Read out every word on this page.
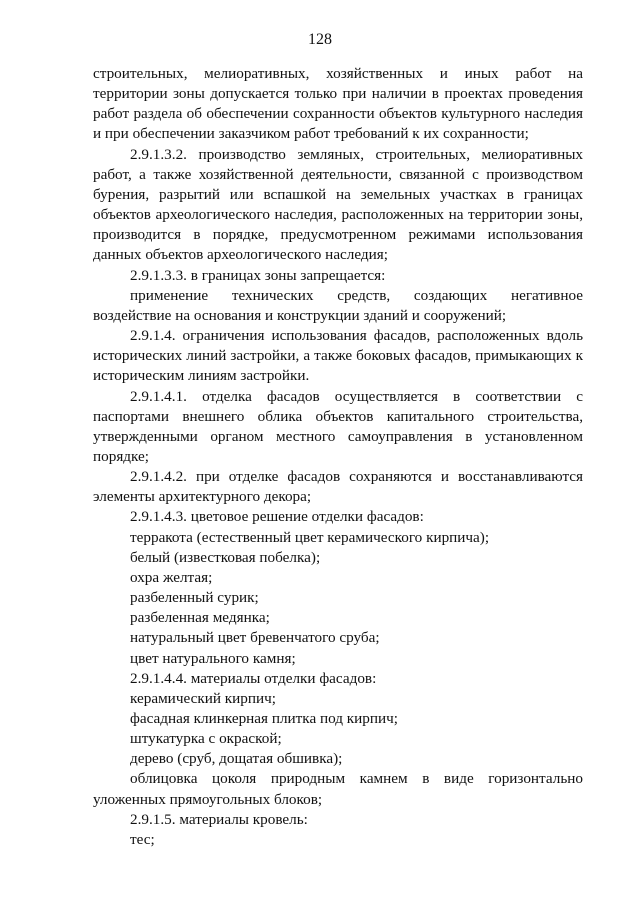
128

строительных, мелиоративных, хозяйственных и иных работ на территории зоны допускается только при наличии в проектах проведения работ раздела об обеспечении сохранности объектов культурного наследия и при обеспечении заказчиком работ требований к их сохранности;

2.9.1.3.2. производство земляных, строительных, мелиоративных работ, а также хозяйственной деятельности, связанной с производством бурения, разрытий или вспашкой на земельных участках в границах объектов археологического наследия, расположенных на территории зоны, производится в порядке, предусмотренном режимами использования данных объектов археологического наследия;

2.9.1.3.3. в границах зоны запрещается:

применение технических средств, создающих негативное воздействие на основания и конструкции зданий и сооружений;

2.9.1.4. ограничения использования фасадов, расположенных вдоль исторических линий застройки, а также боковых фасадов, примыкающих к историческим линиям застройки.

2.9.1.4.1. отделка фасадов осуществляется в соответствии с паспортами внешнего облика объектов капитального строительства, утвержденными органом местного самоуправления в установленном порядке;

2.9.1.4.2. при отделке фасадов сохраняются и восстанавливаются элементы архитектурного декора;

2.9.1.4.3. цветовое решение отделки фасадов:

терракота (естественный цвет керамического кирпича);

белый (известковая побелка);

охра желтая;

разбеленный сурик;

разбеленная медянка;

натуральный цвет бревенчатого сруба;

цвет натурального камня;

2.9.1.4.4. материалы отделки фасадов:

керамический кирпич;

фасадная клинкерная плитка под кирпич;

штукатурка с окраской;

дерево (сруб, дощатая обшивка);

облицовка цоколя природным камнем в виде горизонтально уложенных прямоугольных блоков;

2.9.1.5. материалы кровель:

тес;
